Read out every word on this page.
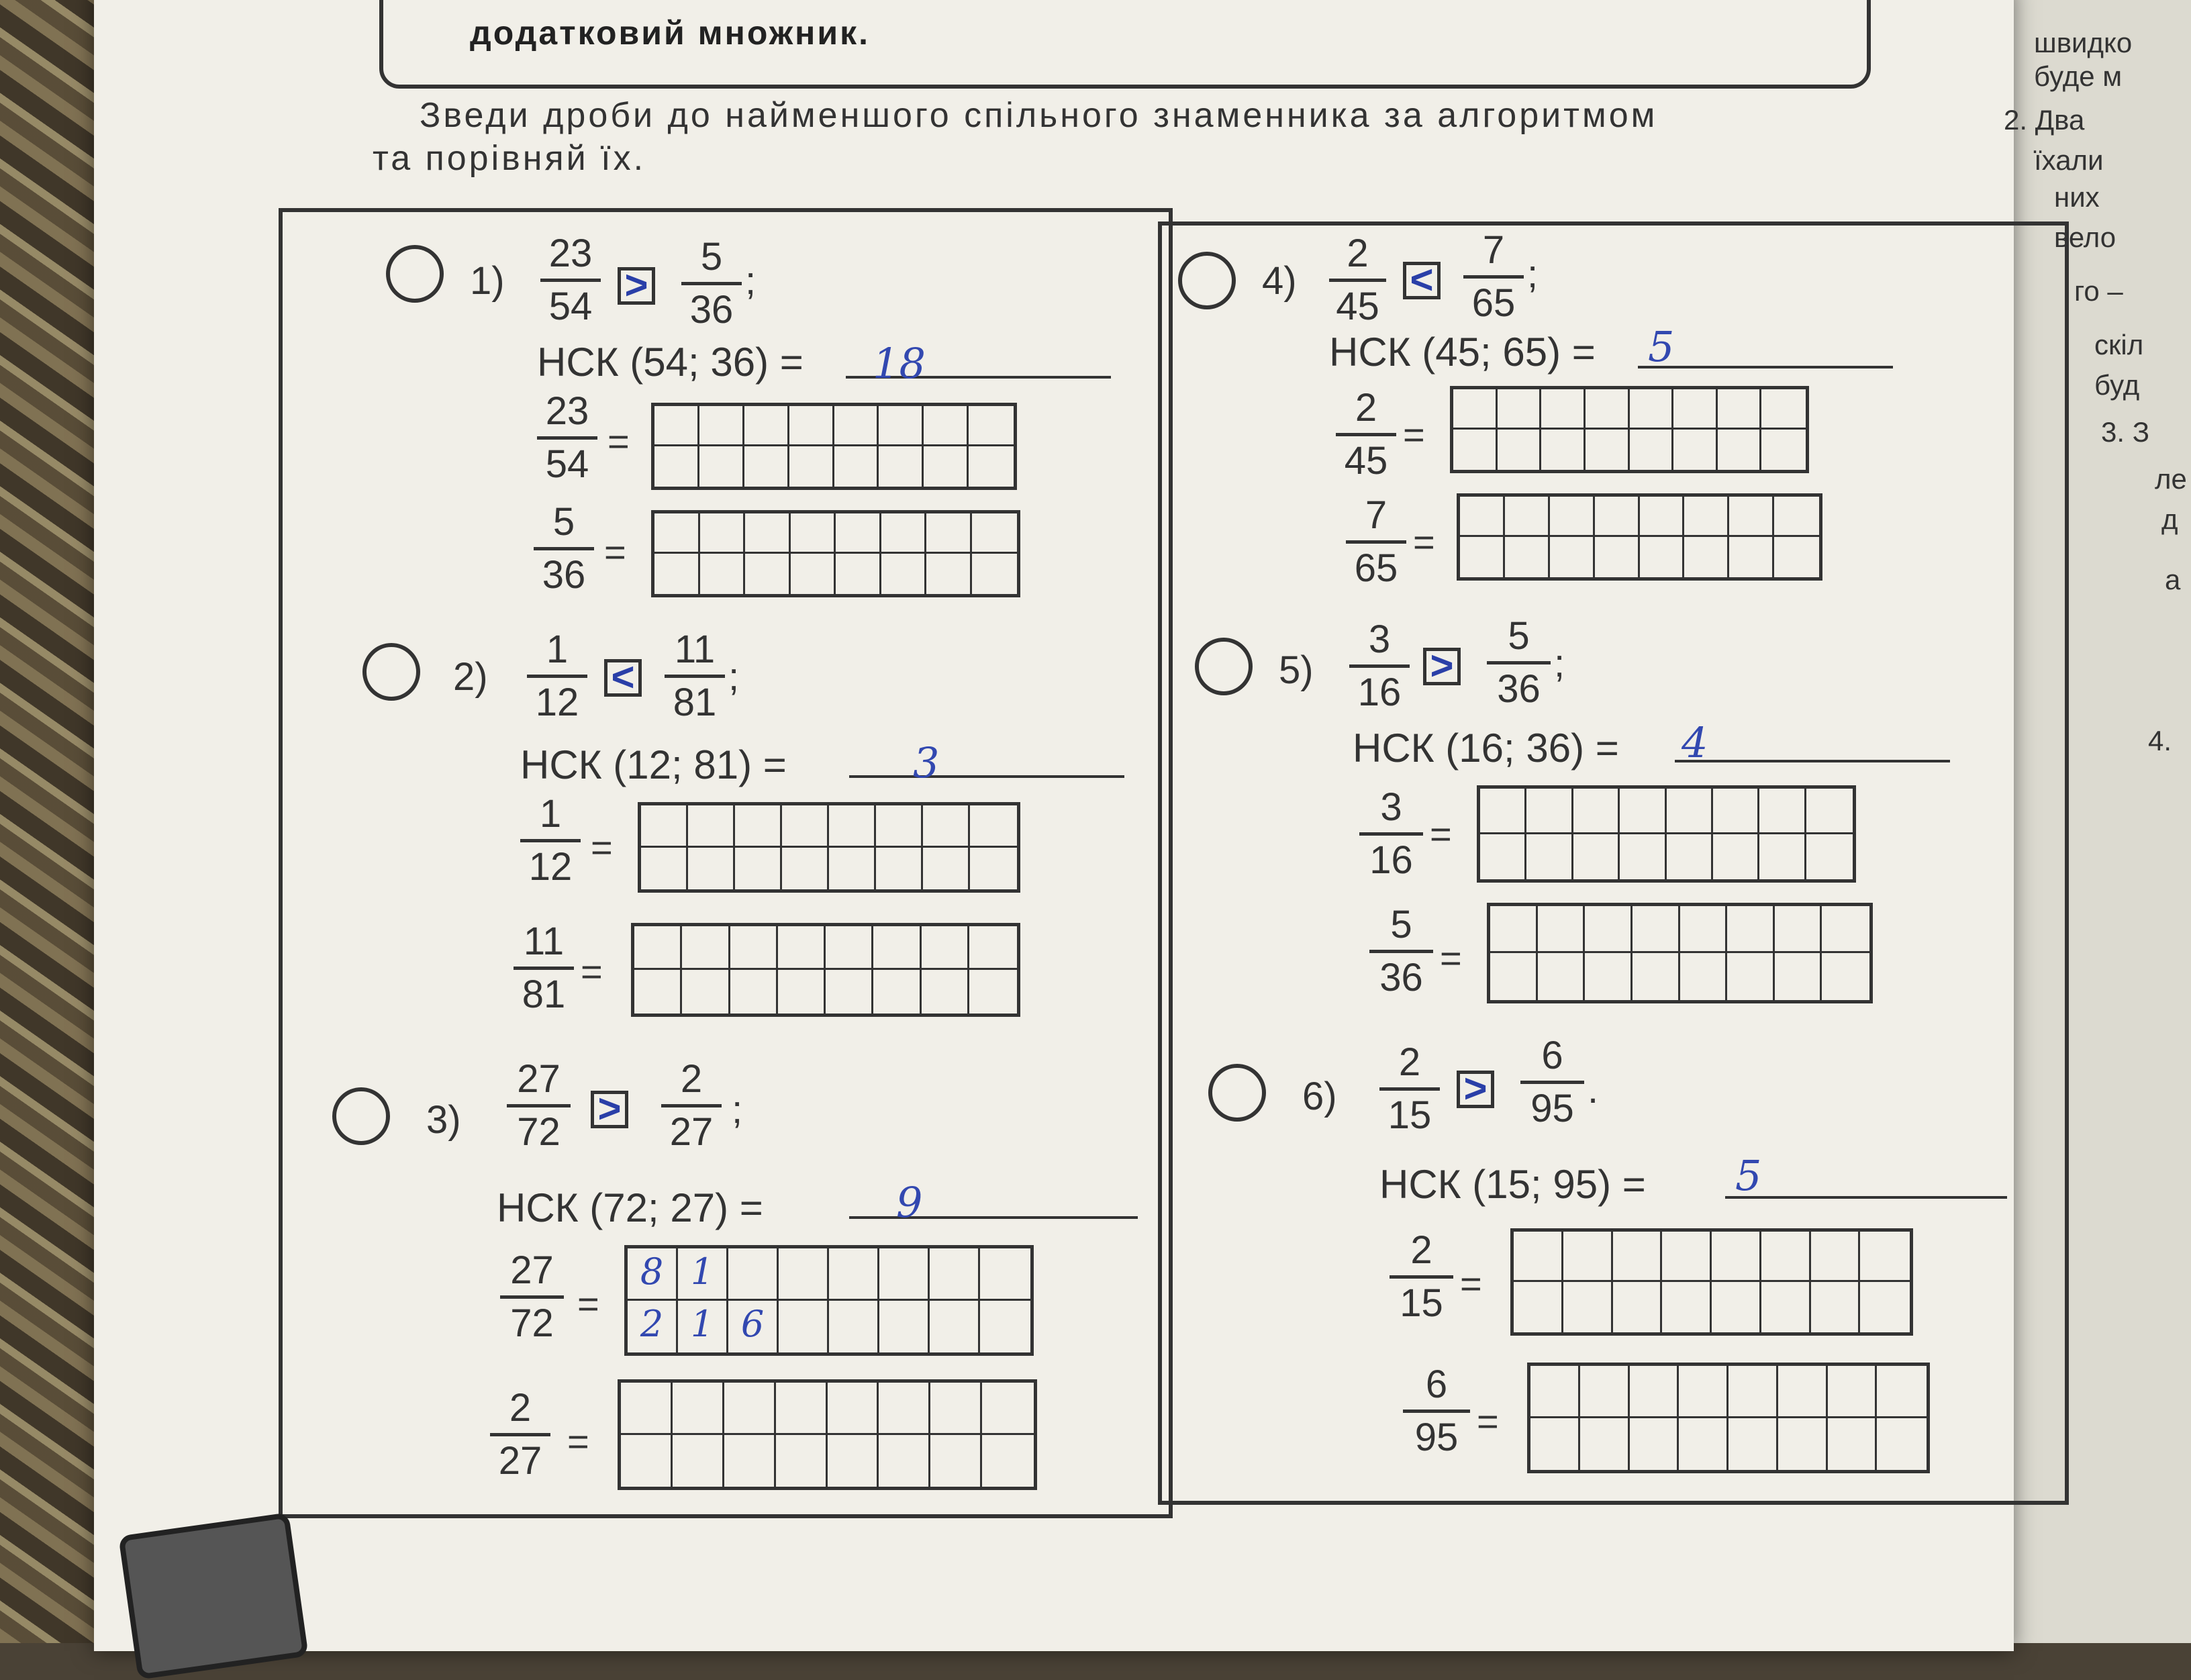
швидко
буде м
2. Два
їхали
них
вело
го –
скіл
буд
3. З
ле
д
а
4.
додатковий множник.
Зведи дроби до найменшого спільного знаменника за алгоритмом
та порівняй їх.
1)
23
54 >
5
36
;
НСК (54; 36) = 18
23
54
=
5
36
=
2)
1
12
<
11
81
;
НСК (12; 81) =	3
1
12 =
11
81
=
3)
27
72
>
2
27
;
НСК (72; 27) =	9
27
72 =
8 1
2 1 6
2
27 =
4)
2
45
<
7
65
;
НСК (45; 65) = 5
2
45
=
7
65
=
5)
3
16
>
5
36
;
НСК (16; 36) = 4
3
16
=
5
36 =
6)
2
15
>
6
95 .
НСК (15; 95) = 5
2
15 =
6
95 =
